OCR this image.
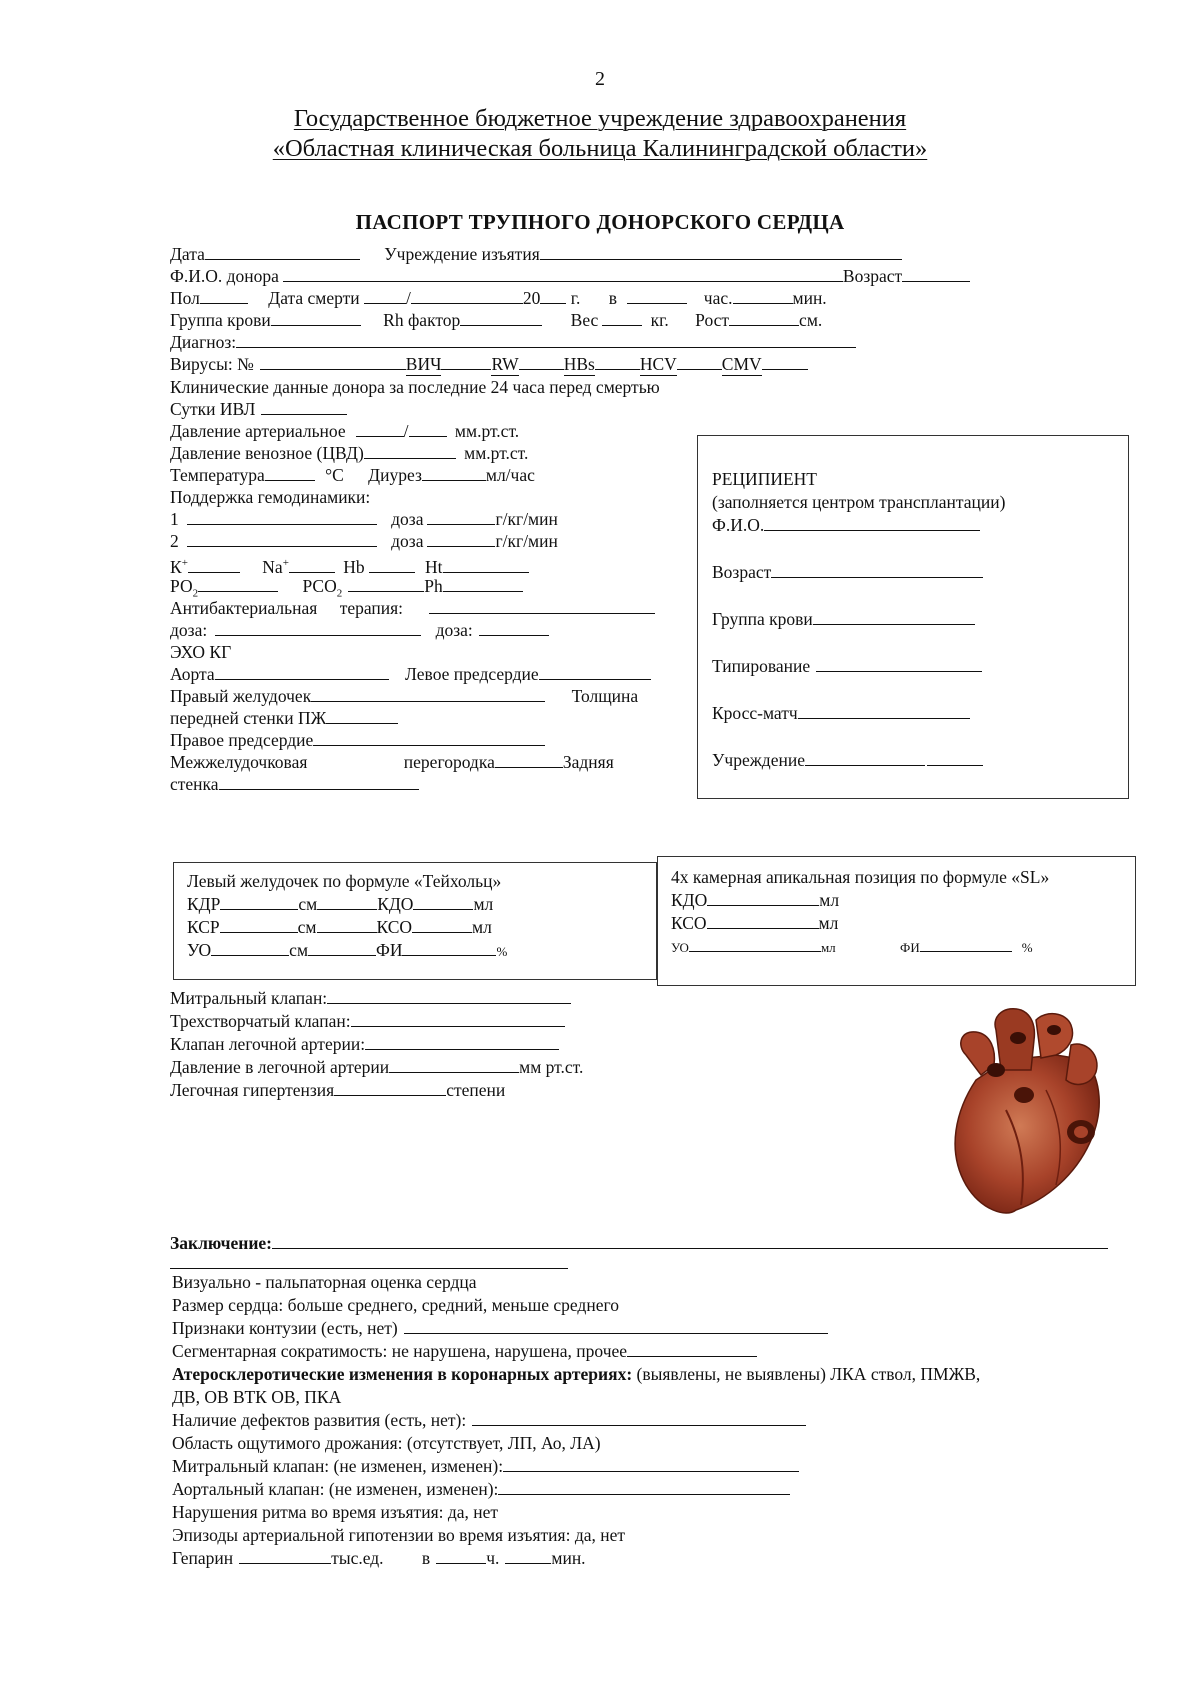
2
Государственное бюджетное учреждение здравоохранения
«Областная клиническая больница Калининградской области»
ПАСПОРТ ТРУПНОГО ДОНОРСКОГО СЕРДЦА
Дата	Учреждение изъятия
Ф.И.О. донора	Возраст
Пол	Дата смерти	/	20 г. в	час.	мин.
Группа крови	Rh фактор	Вес	кг. Рост	см.
Диагноз:
Вирусы: №	ВИЧ	RW	HBs	HCV	CMV
Клинические данные донора за последние 24 часа перед смертью
Сутки ИВЛ
Давление артериальное	/	мм.рт.ст.
Давление венозное (ЦВД)	мм.рт.ст.
Температура	°С Диурез	мл/час
Поддержка гемодинамики:
1	доза	г/кг/мин
2	доза	г/кг/мин
К+	Na+	Hb	Ht
$РО_2$	$РСО_2$	Ph
Антибактериальная терапия:
доза:	доза:
ЭХО КГ
Аорта	Левое предсердие
Правый желудочек	Толщина
передней стенки ПЖ
Правое предсердие
Межжелудочковая	перегородка	Задняя
стенка
РЕЦИПИЕНТ
(заполняется центром трансплантации)
Ф.И.О.
Возраст
Группа крови
Типирование
Кросс-матч
Учреждение
Левый желудочек по формуле «Тейхольц»
КДР	см	КДО	мл
КСР	см	КСО	мл
УО	см	ФИ	%
4х камерная апикальная позиция по формуле «SL»
КДО	мл
КСО	мл
УО	мл	ФИ	%
Митральный клапан:
Трехстворчатый клапан:
Клапан легочной артерии:
Давление в легочной артерии	мм рт.ст.
Легочная гипертензия	степени
Заключение:
Визуально - пальпаторная оценка сердца
Размер сердца: больше среднего, средний, меньше среднего
Признаки контузии (есть, нет)
Сегментарная сократимость: не нарушена, нарушена, прочее
Атеросклеротические изменения в коронарных артериях: (выявлены, не выявлены) ЛКА ствол, ПМЖВ,
ДВ, ОВ ВТК ОВ, ПКА
Наличие дефектов развития (есть, нет):
Область ощутимого дрожания: (отсутствует, ЛП, Ао, ЛА)
Митральный клапан: (не изменен, изменен):
Аортальный клапан: (не изменен, изменен):
Нарушения ритма во время изъятия: да, нет
Эпизоды артериальной гипотензии во время изъятия: да, нет
Гепарин	тыс.ед. в	ч.	мин.
